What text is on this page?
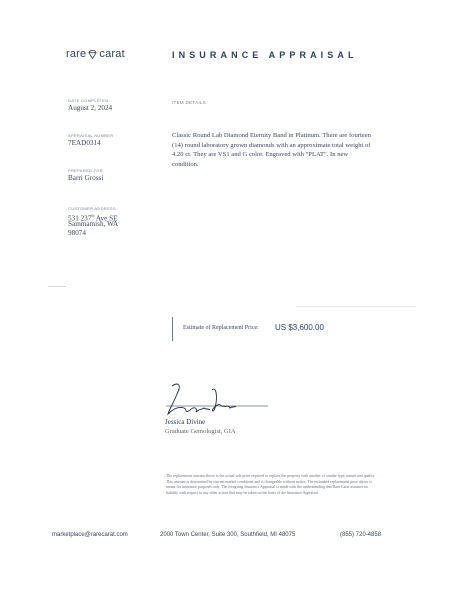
rare carat	INSURANCE APPRAISAL
DATE COMPLETED
August 2, 2024
APPRAISAL NUMBER
7EAD0314
PREPARED FOR
Barri Grossi
CUSTOMER ADDRESS
531 237th Ave SE
Sammamish, WA
98074
ITEM DETAILS
Classic Round Lab Diamond Eternity Band in Platinum. There are fourteen (14) round laboratory grown diamonds with an approximate total weight of 4.20 ct. They are VS1 and G color. Engraved with "PLAT". In new condition.
Estimate of Replacement Price: US $3,600.00
Jessica Divine
Graduate Gemologist, GIA
The replacement amount above is the actual sale price required to replace the property with another of similar type, nature and quality. This amount is determined by current market conditions and is changeable without notice. The estimated replacement price above is meant for insurance purposes only. The foregoing Insurance Appraisal is made with the understanding that Rare Carat assumes no liability with respect to any other action that may be taken on the basis of the Insurance Appraisal.
marketplace@rarecarat.com	2000 Town Center, Suite 300, Southfield, MI 48075	(855) 720-4858
